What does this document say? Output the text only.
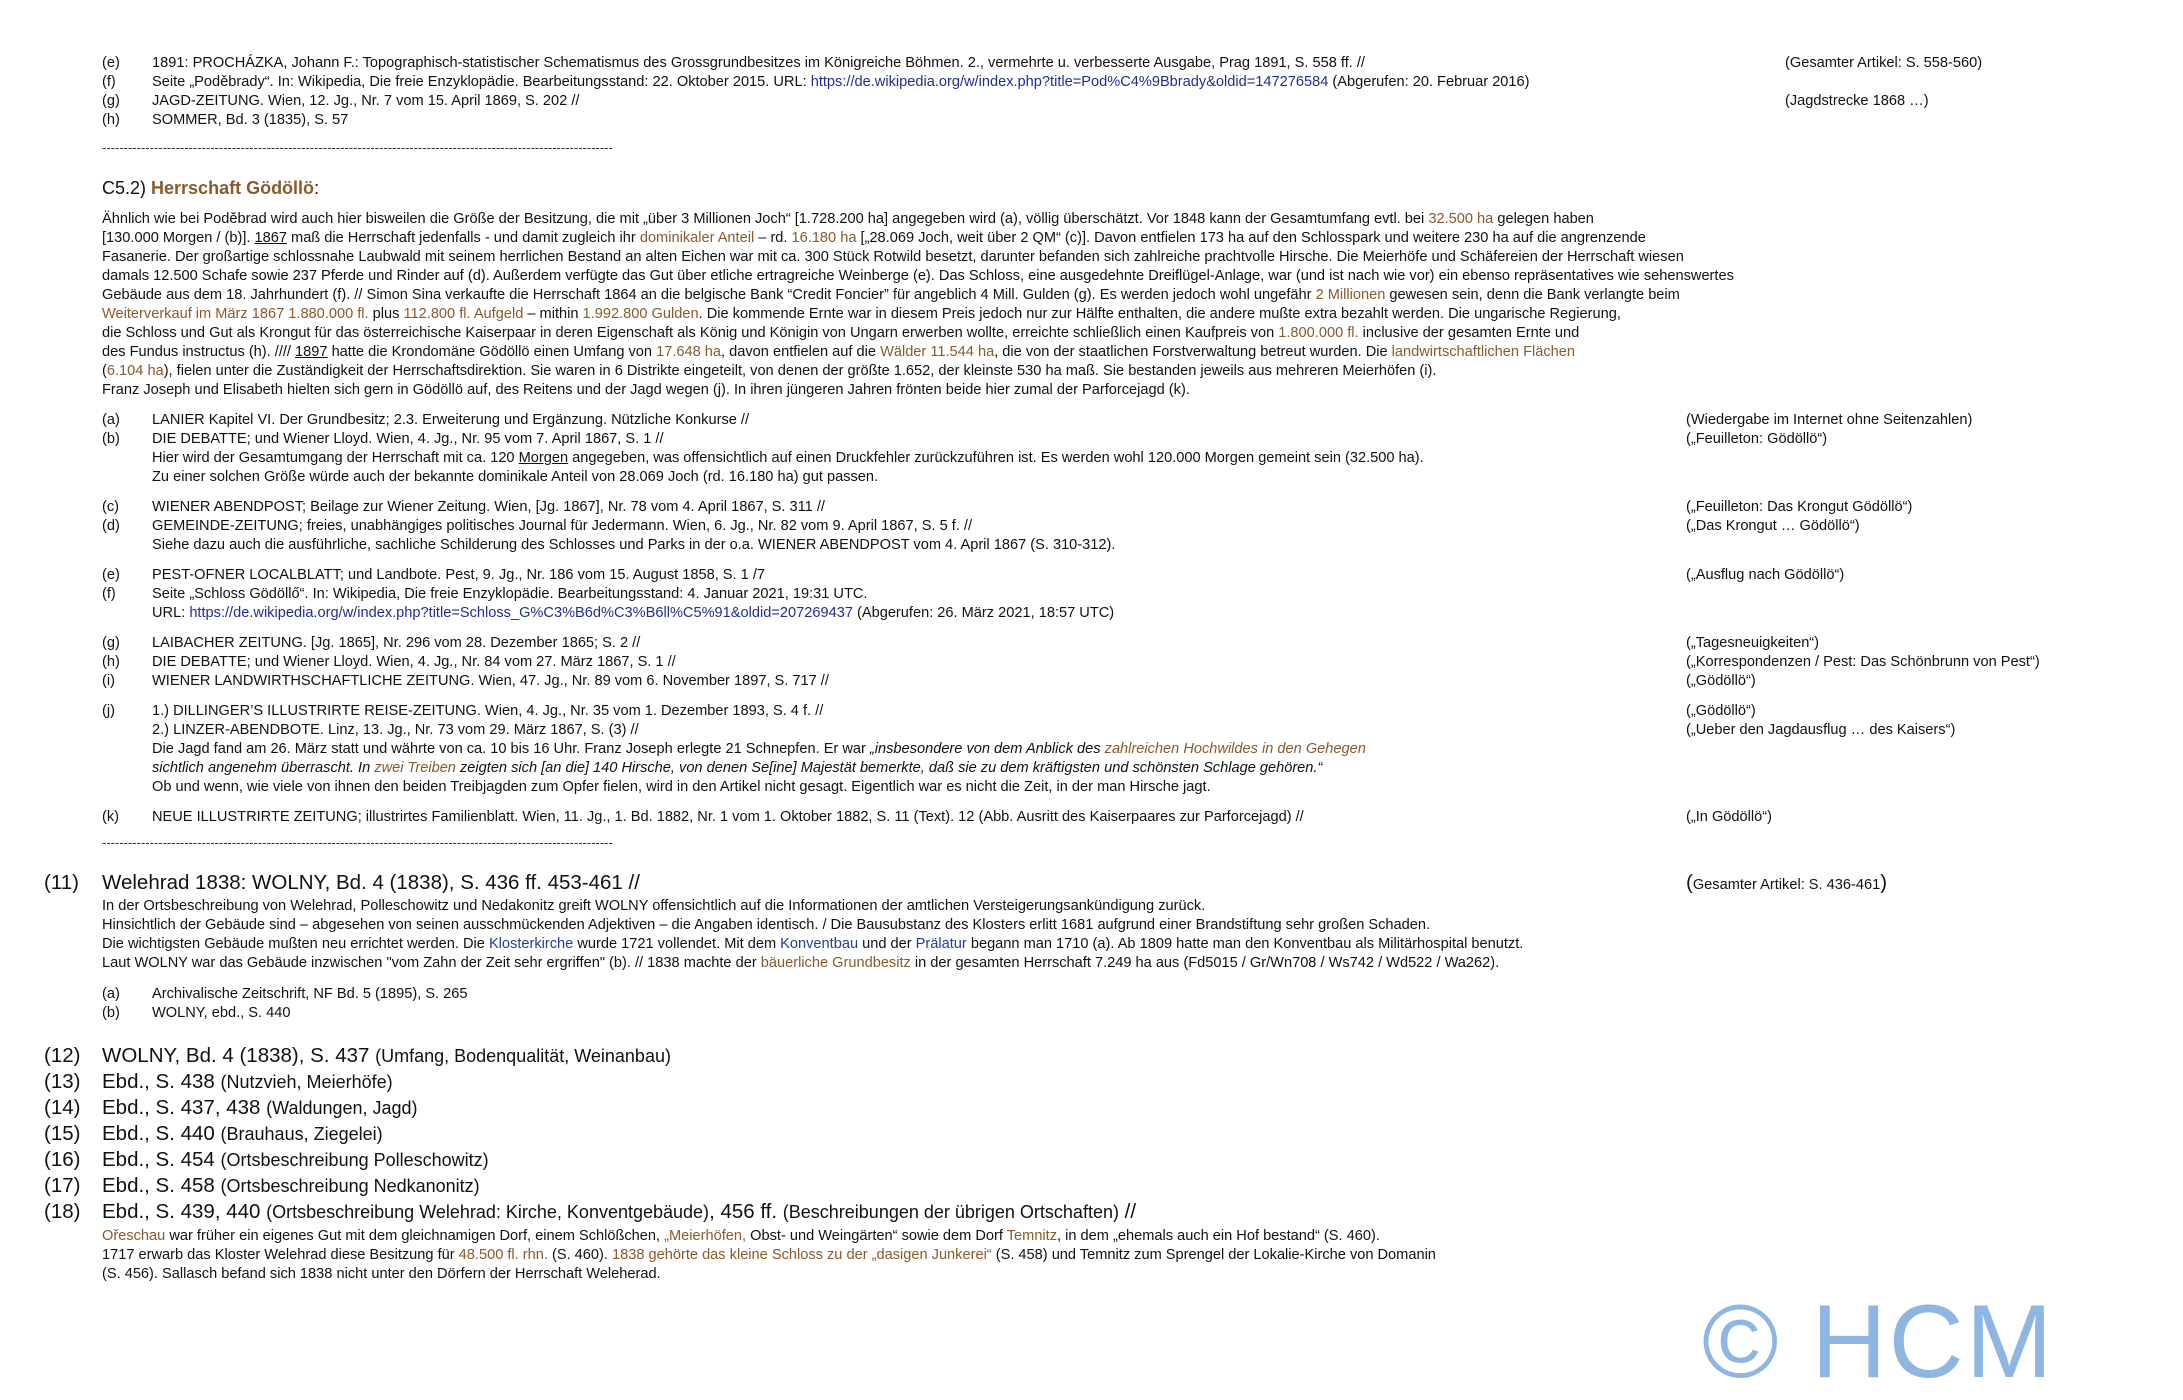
(e) 1891: PROCHÁZKA, Johann F.: Topographisch-statistischer Schematismus des Grossgrundbesitzes im Königreiche Böhmen. 2., vermehrte u. verbesserte Ausgabe, Prag 1891, S. 558 ff. //	(Gesamter Artikel: S. 558-560)
(f) Seite „Poděbrady“. In: Wikipedia, Die freie Enzyklopädie. Bearbeitungsstand: 22. Oktober 2015. URL: https://de.wikipedia.org/w/index.php?title=Pod%C4%9Bbrady&oldid=147276584 (Abgerufen: 20. Februar 2016)
(g) JAGD-ZEITUNG. Wien, 12. Jg., Nr. 7 vom 15. April 1869, S. 202 //	(Jagdstrecke 1868 …)
(h) SOMMER, Bd. 3 (1835), S. 57
----------------------------------------------------------------------------------------------------------------------
C5.2) Herrschaft Gödöllö:
Ähnlich wie bei Poděbrad wird auch hier bisweilen die Größe der Besitzung, die mit „über 3 Millionen Joch“ [1.728.200 ha] angegeben wird (a), völlig überschätzt. Vor 1848 kann der Gesamtumfang evtl. bei 32.500 ha gelegen haben
[130.000 Morgen / (b)]. 1867 maß die Herrschaft jedenfalls - und damit zugleich ihr dominikaler Anteil – rd. 16.180 ha [„28.069 Joch, weit über 2 QM“ (c)]. Davon entfielen 173 ha auf den Schlosspark und weitere 230 ha auf die angrenzende
Fasanerie. Der großartige schlossnahe Laubwald mit seinem herrlichen Bestand an alten Eichen war mit ca. 300 Stück Rotwild besetzt, darunter befanden sich zahlreiche prachtvolle Hirsche. Die Meierhöfe und Schäfereien der Herrschaft wiesen
damals 12.500 Schafe sowie 237 Pferde und Rinder auf (d). Außerdem verfügte das Gut über etliche ertragreiche Weinberge (e). Das Schloss, eine ausgedehnte Dreiflügel-Anlage, war (und ist nach wie vor) ein ebenso repräsentatives wie sehenswertes
Gebäude aus dem 18. Jahrhundert (f). // Simon Sina verkaufte die Herrschaft 1864 an die belgische Bank “Credit Foncier” für angeblich 4 Mill. Gulden (g). Es werden jedoch wohl ungefähr 2 Millionen gewesen sein, denn die Bank verlangte beim
Weiterverkauf im März 1867 1.880.000 fl. plus 112.800 fl. Aufgeld – mithin 1.992.800 Gulden. Die kommende Ernte war in diesem Preis jedoch nur zur Hälfte enthalten, die andere mußte extra bezahlt werden. Die ungarische Regierung,
die Schloss und Gut als Krongut für das österreichische Kaiserpaar in deren Eigenschaft als König und Königin von Ungarn erwerben wollte, erreichte schließlich einen Kaufpreis von 1.800.000 fl. inclusive der gesamten Ernte und
des Fundus instructus (h). //// 1897 hatte die Krondomäne Gödöllö einen Umfang von 17.648 ha, davon entfielen auf die Wälder 11.544 ha, die von der staatlichen Forstverwaltung betreut wurden. Die landwirtschaftlichen Flächen
(6.104 ha), fielen unter die Zuständigkeit der Herrschaftsdirektion. Sie waren in 6 Distrikte eingeteilt, von denen der größte 1.652, der kleinste 530 ha maß. Sie bestanden jeweils aus mehreren Meierhöfen (i).
Franz Joseph und Elisabeth hielten sich gern in Gödöllö auf, des Reitens und der Jagd wegen (j). In ihren jüngeren Jahren frönten beide hier zumal der Parforcejagd (k).
(a) LANIER Kapitel VI. Der Grundbesitz; 2.3. Erweiterung und Ergänzung. Nützliche Konkurse //	(Wiedergabe im Internet ohne Seitenzahlen)
(b) DIE DEBATTE; und Wiener Lloyd. Wien, 4. Jg., Nr. 95 vom 7. April 1867, S. 1 //	(„Feuilleton: Gödöllö“)
Hier wird der Gesamtumgang der Herrschaft mit ca. 120 Morgen angegeben, was offensichtlich auf einen Druckfehler zurückzuführen ist. Es werden wohl 120.000 Morgen gemeint sein (32.500 ha).
Zu einer solchen Größe würde auch der bekannte dominikale Anteil von 28.069 Joch (rd. 16.180 ha) gut passen.
(c) WIENER ABENDPOST; Beilage zur Wiener Zeitung. Wien, [Jg. 1867], Nr. 78 vom 4. April 1867, S. 311 //	(„Feuilleton: Das Krongut Gödöllö“)
(d) GEMEINDE-ZEITUNG; freies, unabhängiges politisches Journal für Jedermann. Wien, 6. Jg., Nr. 82 vom 9. April 1867, S. 5 f. //	(„Das Krongut … Gödöllö“)
Siehe dazu auch die ausführliche, sachliche Schilderung des Schlosses und Parks in der o.a. WIENER ABENDPOST vom 4. April 1867 (S. 310-312).
(e) PEST-OFNER LOCALBLATT; und Landbote. Pest, 9. Jg., Nr. 186 vom 15. August 1858, S. 1 /7	(„Ausflug nach Gödöllö“)
(f) Seite „Schloss Gödöllő“. In: Wikipedia, Die freie Enzyklopädie. Bearbeitungsstand: 4. Januar 2021, 19:31 UTC.
URL: https://de.wikipedia.org/w/index.php?title=Schloss_G%C3%B6d%C3%B6ll%C5%91&oldid=207269437 (Abgerufen: 26. März 2021, 18:57 UTC)
(g) LAIBACHER ZEITUNG. [Jg. 1865], Nr. 296 vom 28. Dezember 1865; S. 2 //	(„Tagesneuigkeiten“)
(h) DIE DEBATTE; und Wiener Lloyd. Wien, 4. Jg., Nr. 84 vom 27. März 1867, S. 1 //	(„Korrespondenzen / Pest: Das Schönbrunn von Pest“)
(i)	WIENER LANDWIRTHSCHAFTLICHE ZEITUNG. Wien, 47. Jg., Nr. 89 vom 6. November 1897, S. 717 //	(„Gödöllö“)
(j)	1.) DILLINGER’S ILLUSTRIRTE REISE-ZEITUNG. Wien, 4. Jg., Nr. 35 vom 1. Dezember 1893, S. 4 f. //	(„Gödöllö“)
2.) LINZER-ABENDBOTE. Linz, 13. Jg., Nr. 73 vom 29. März 1867, S. (3) //	(„Ueber den Jagdausflug … des Kaisers“)
Die Jagd fand am 26. März statt und währte von ca. 10 bis 16 Uhr. Franz Joseph erlegte 21 Schnepfen. Er war „insbesondere von dem Anblick des zahlreichen Hochwildes in den Gehegen
sichtlich angenehm überrascht. In zwei Treiben zeigten sich [an die] 140 Hirsche, von denen Se[ine] Majestät bemerkte, daß sie zu dem kräftigsten und schönsten Schlage gehören.“
Ob und wenn, wie viele von ihnen den beiden Treibjagden zum Opfer fielen, wird in den Artikel nicht gesagt. Eigentlich war es nicht die Zeit, in der man Hirsche jagt.
(k) NEUE ILLUSTRIRTE ZEITUNG; illustrirtes Familienblatt. Wien, 11. Jg., 1. Bd. 1882, Nr. 1 vom 1. Oktober 1882, S. 11 (Text). 12 (Abb. Ausritt des Kaiserpaares zur Parforcejagd) //	(„In Gödöllö“)
----------------------------------------------------------------------------------------------------------------------
(11) Welehrad 1838: WOLNY, Bd. 4 (1838), S. 436 ff. 453-461 //	(Gesamter Artikel: S. 436-461)
In der Ortsbeschreibung von Welehrad, Polleschowitz und Nedakonitz greift WOLNY offensichtlich auf die Informationen der amtlichen Versteigerungsankündigung zurück.
Hinsichtlich der Gebäude sind – abgesehen von seinen ausschmückenden Adjektiven – die Angaben identisch. / Die Bausubstanz des Klosters erlitt 1681 aufgrund einer Brandstiftung sehr großen Schaden.
Die wichtigsten Gebäude mußten neu errichtet werden. Die Klosterkirche wurde 1721 vollendet. Mit dem Konventbau und der Prälatur begann man 1710 (a). Ab 1809 hatte man den Konventbau als Militärhospital benutzt.
Laut WOLNY war das Gebäude inzwischen "vom Zahn der Zeit sehr ergriffen" (b). // 1838 machte der bäuerliche Grundbesitz in der gesamten Herrschaft 7.249 ha aus (Fd5015 / Gr/Wn708 / Ws742 / Wd522 / Wa262).
(a) Archivalische Zeitschrift, NF Bd. 5 (1895), S. 265
(b) WOLNY, ebd., S. 440
(12) WOLNY, Bd. 4 (1838), S. 437 (Umfang, Bodenqualität, Weinanbau)
(13) Ebd., S. 438 (Nutzvieh, Meierhöfe)
(14) Ebd., S. 437, 438 (Waldungen, Jagd)
(15) Ebd., S. 440 (Brauhaus, Ziegelei)
(16) Ebd., S. 454 (Ortsbeschreibung Polleschowitz)
(17) Ebd., S. 458 (Ortsbeschreibung Nedkanonitz)
(18) Ebd., S. 439, 440 (Ortsbeschreibung Welehrad: Kirche, Konventgebäude), 456 ff. (Beschreibungen der übrigen Ortschaften) //
Ořeschau war früher ein eigenes Gut mit dem gleichnamigen Dorf, einem Schlößchen, „Meierhöfen, Obst- und Weingärten“ sowie dem Dorf Temnitz, in dem „ehemals auch ein Hof bestand“ (S. 460).
1717 erwarb das Kloster Welehrad diese Besitzung für 48.500 fl. rhn. (S. 460). 1838 gehörte das kleine Schloss zu der „dasigen Junkerei“ (S. 458) und Temnitz zum Sprengel der Lokalie-Kirche von Domanin
(S. 456). Sallasch befand sich 1838 nicht unter den Dörfern der Herrschaft Weleherad.
© HCM
